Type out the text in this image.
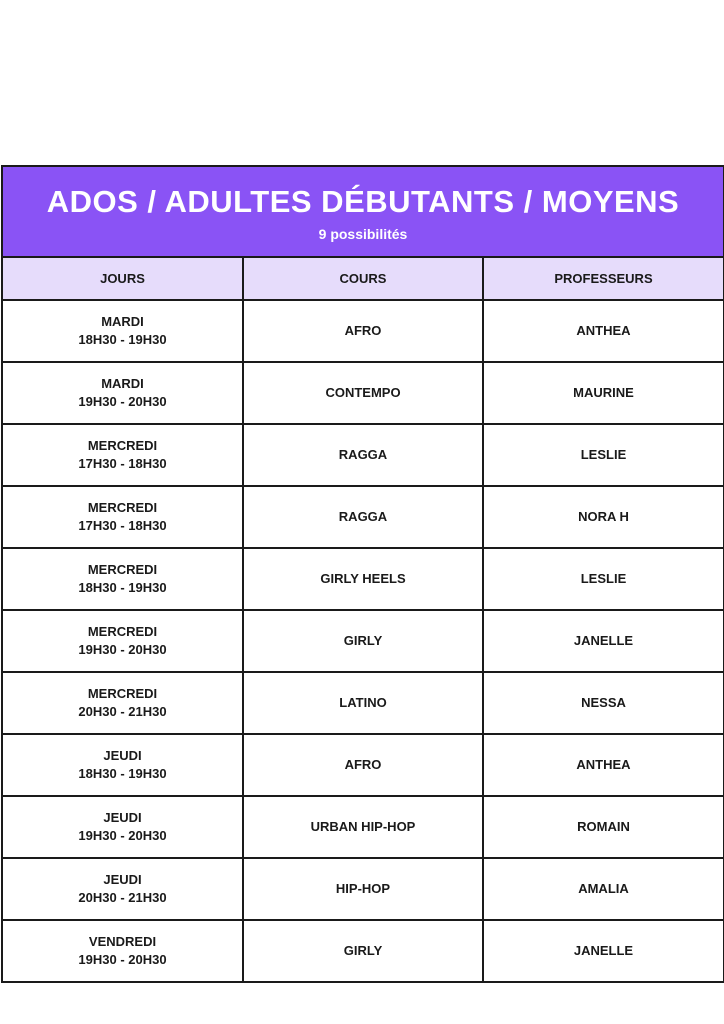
ADOS / ADULTES DÉBUTANTS / MOYENS
9 possibilités
JOURS	COURS	PROFESSEURS

MARDI
18H30 - 19H30	AFRO	ANTHEA

MARDI
19H30 - 20H30	CONTEMPO	MAURINE

MERCREDI
17H30 - 18H30	RAGGA	LESLIE

MERCREDI
17H30 - 18H30	RAGGA	NORA H

MERCREDI
18H30 - 19H30	GIRLY HEELS	LESLIE

MERCREDI
19H30 - 20H30	GIRLY	JANELLE

MERCREDI
20H30 - 21H30	LATINO	NESSA

JEUDI
18H30 - 19H30	AFRO	ANTHEA

JEUDI
19H30 - 20H30	URBAN HIP-HOP	ROMAIN

JEUDI
20H30 - 21H30	HIP-HOP	AMALIA

VENDREDI
19H30 - 20H30	GIRLY	JANELLE
